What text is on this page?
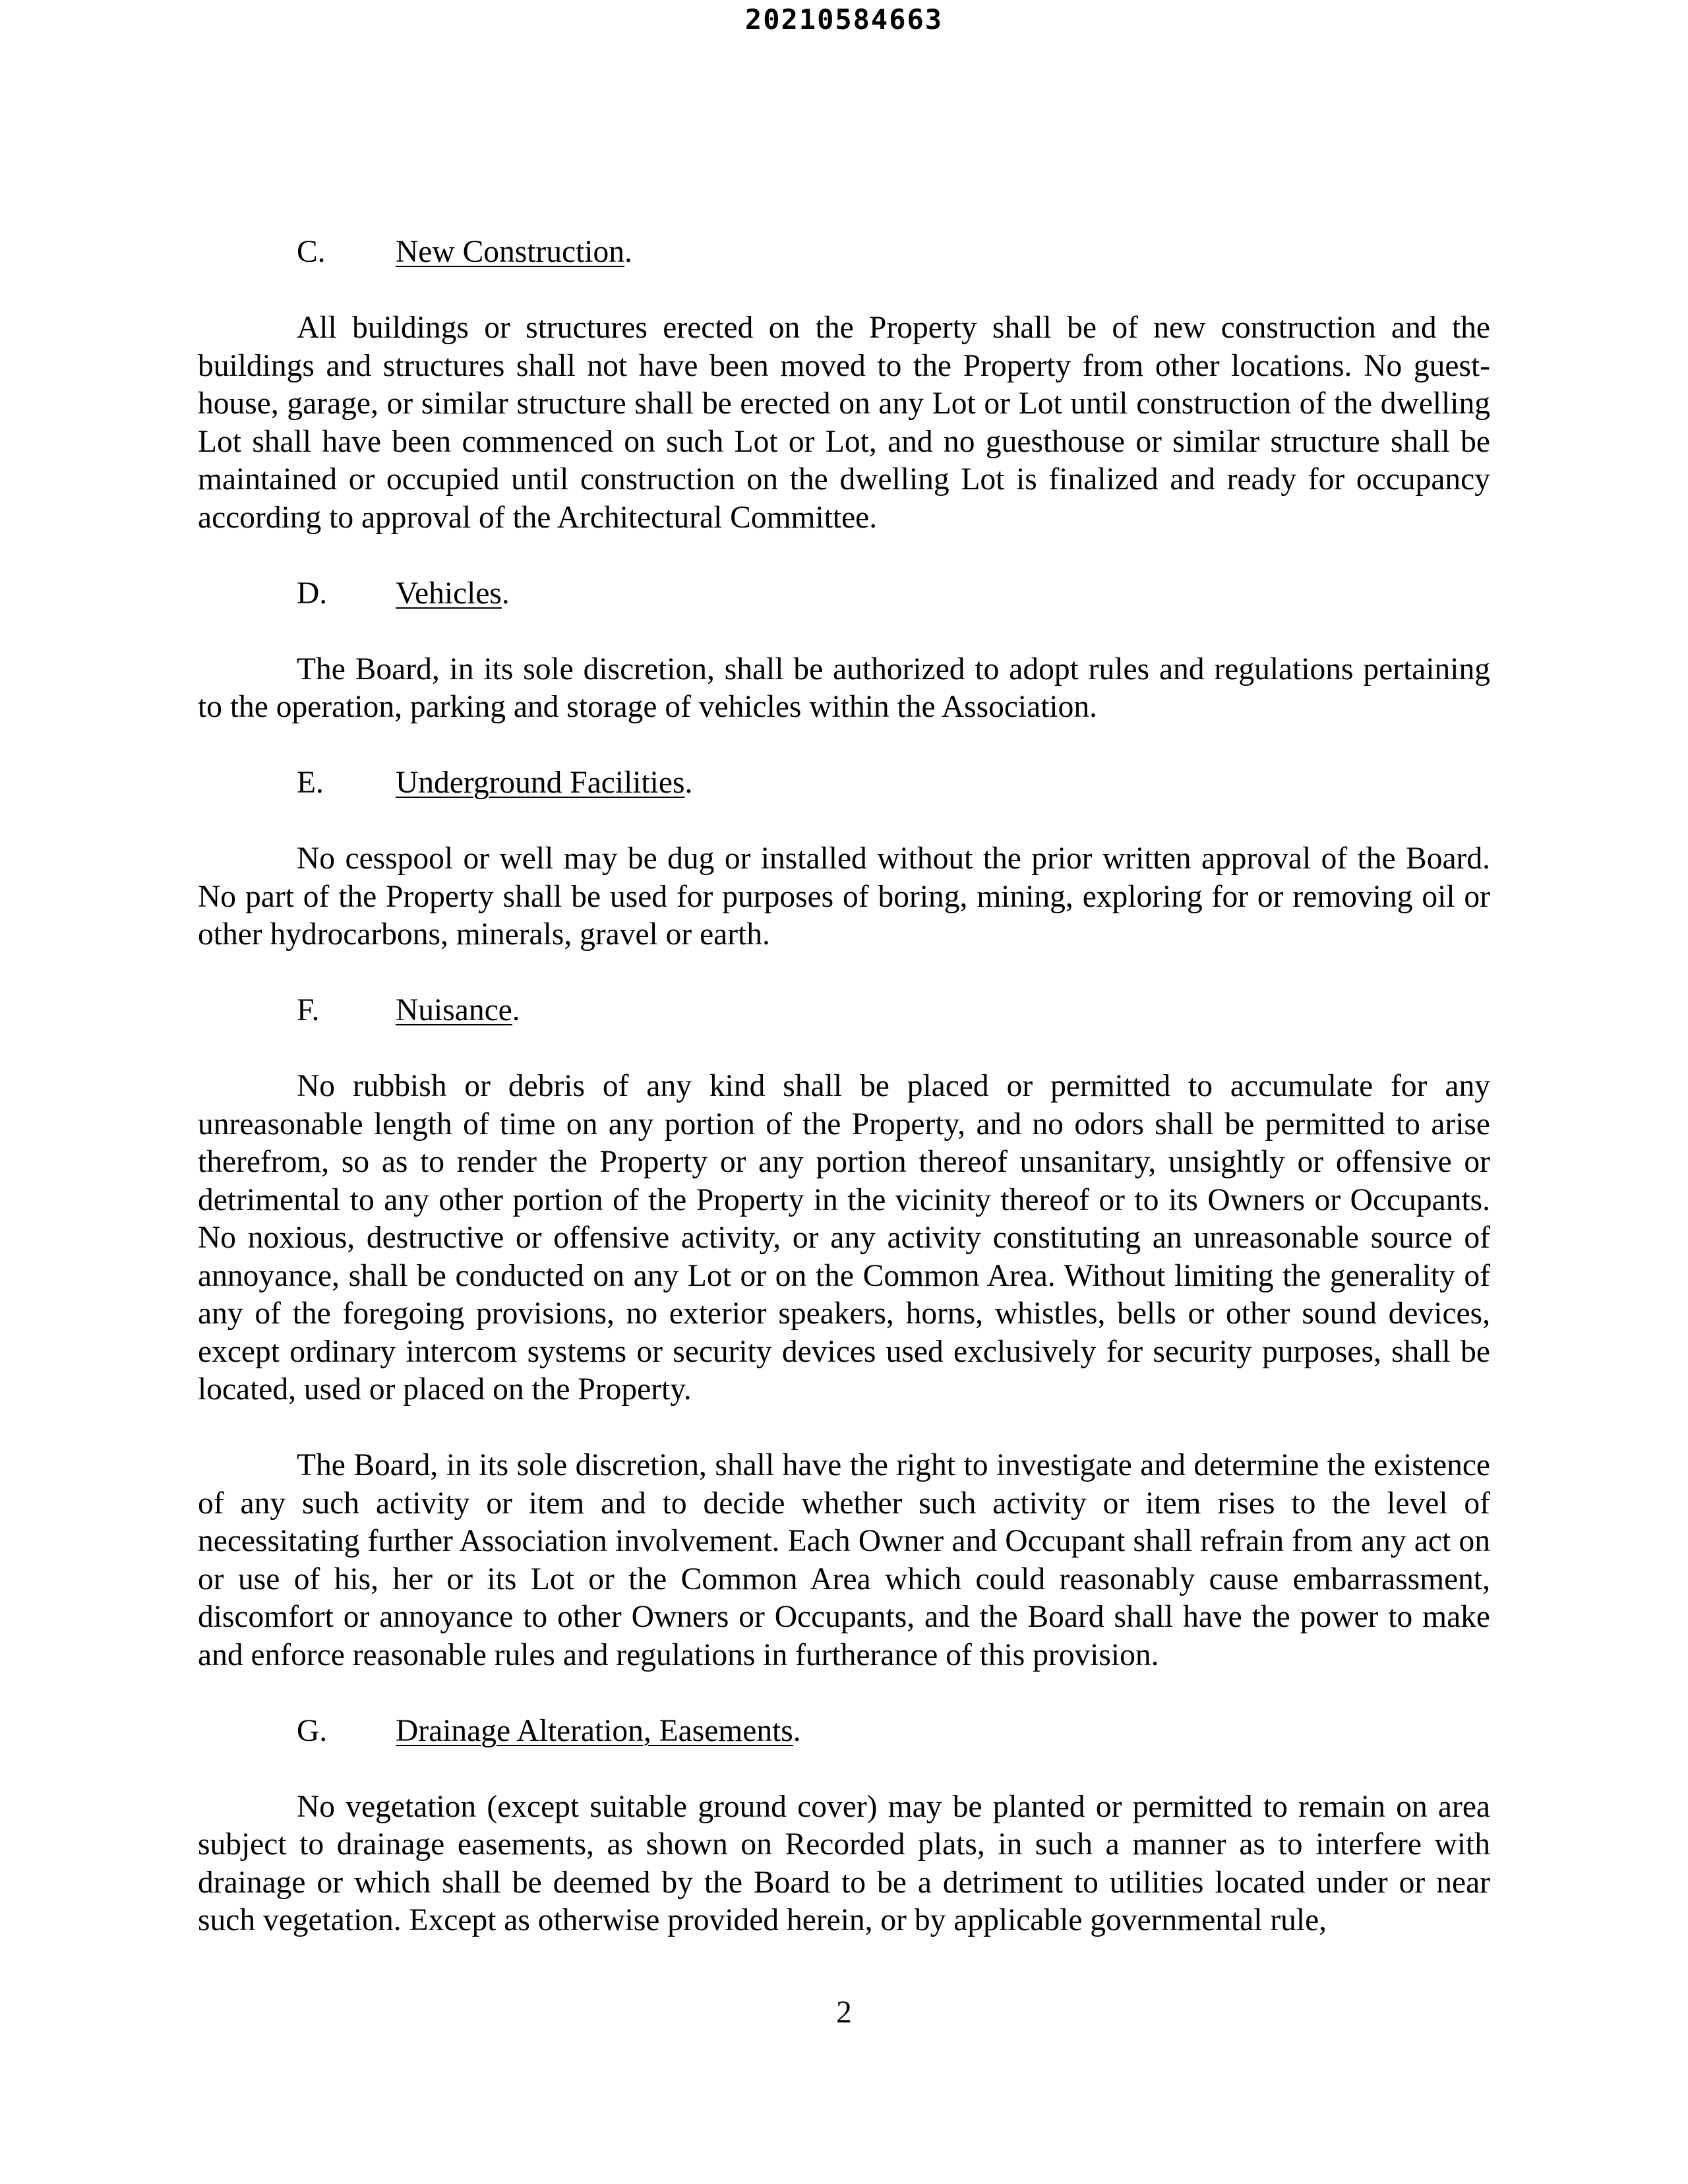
20210584663
C.	New Construction.

All buildings or structures erected on the Property shall be of new construction and the buildings and structures shall not have been moved to the Property from other locations. No guest-house, garage, or similar structure shall be erected on any Lot or Lot until construction of the dwelling Lot shall have been commenced on such Lot or Lot, and no guesthouse or similar structure shall be maintained or occupied until construction on the dwelling Lot is finalized and ready for occupancy according to approval of the Architectural Committee.

D.	Vehicles.

The Board, in its sole discretion, shall be authorized to adopt rules and regulations pertaining to the operation, parking and storage of vehicles within the Association.

E.	Underground Facilities.

No cesspool or well may be dug or installed without the prior written approval of the Board. No part of the Property shall be used for purposes of boring, mining, exploring for or removing oil or other hydrocarbons, minerals, gravel or earth.

F.	Nuisance.

No rubbish or debris of any kind shall be placed or permitted to accumulate for any unreasonable length of time on any portion of the Property, and no odors shall be permitted to arise therefrom, so as to render the Property or any portion thereof unsanitary, unsightly or offensive or detrimental to any other portion of the Property in the vicinity thereof or to its Owners or Occupants. No noxious, destructive or offensive activity, or any activity constituting an unreasonable source of annoyance, shall be conducted on any Lot or on the Common Area. Without limiting the generality of any of the foregoing provisions, no exterior speakers, horns, whistles, bells or other sound devices, except ordinary intercom systems or security devices used exclusively for security purposes, shall be located, used or placed on the Property.

The Board, in its sole discretion, shall have the right to investigate and determine the existence of any such activity or item and to decide whether such activity or item rises to the level of necessitating further Association involvement. Each Owner and Occupant shall refrain from any act on or use of his, her or its Lot or the Common Area which could reasonably cause embarrassment, discomfort or annoyance to other Owners or Occupants, and the Board shall have the power to make and enforce reasonable rules and regulations in furtherance of this provision.

G.	Drainage Alteration, Easements.

No vegetation (except suitable ground cover) may be planted or permitted to remain on area subject to drainage easements, as shown on Recorded plats, in such a manner as to interfere with drainage or which shall be deemed by the Board to be a detriment to utilities located under or near such vegetation. Except as otherwise provided herein, or by applicable governmental rule,

2
